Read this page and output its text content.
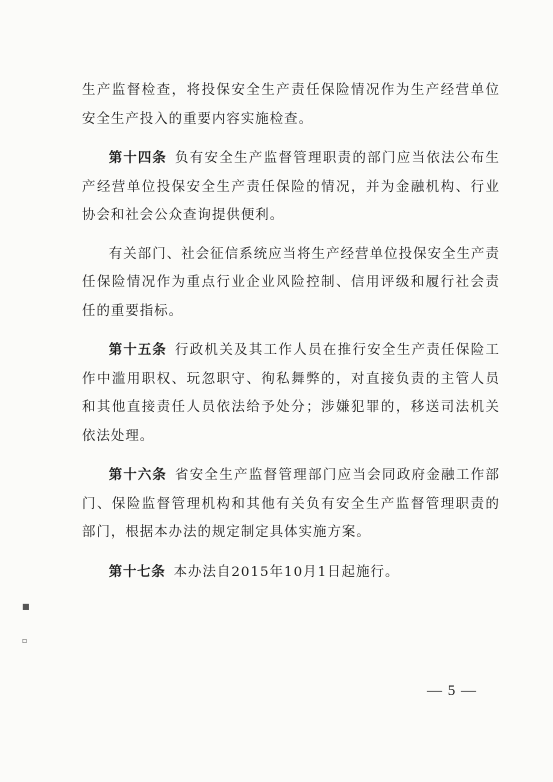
生产监督检查，将投保安全生产责任保险情况作为生产经营单位安全生产投入的重要内容实施检查。

第十四条 负有安全生产监督管理职责的部门应当依法公布生产经营单位投保安全生产责任保险的情况，并为金融机构、行业协会和社会公众查询提供便利。

有关部门、社会征信系统应当将生产经营单位投保安全生产责任保险情况作为重点行业企业风险控制、信用评级和履行社会责任的重要指标。

第十五条 行政机关及其工作人员在推行安全生产责任保险工作中滥用职权、玩忽职守、徇私舞弊的，对直接负责的主管人员和其他直接责任人员依法给予处分；涉嫌犯罪的，移送司法机关依法处理。

第十六条 省安全生产监督管理部门应当会同政府金融工作部门、保险监督管理机构和其他有关负有安全生产监督管理职责的部门，根据本办法的规定制定具体实施方案。

第十七条 本办法自2015年10月1日起施行。

■
▫
— 5 —
